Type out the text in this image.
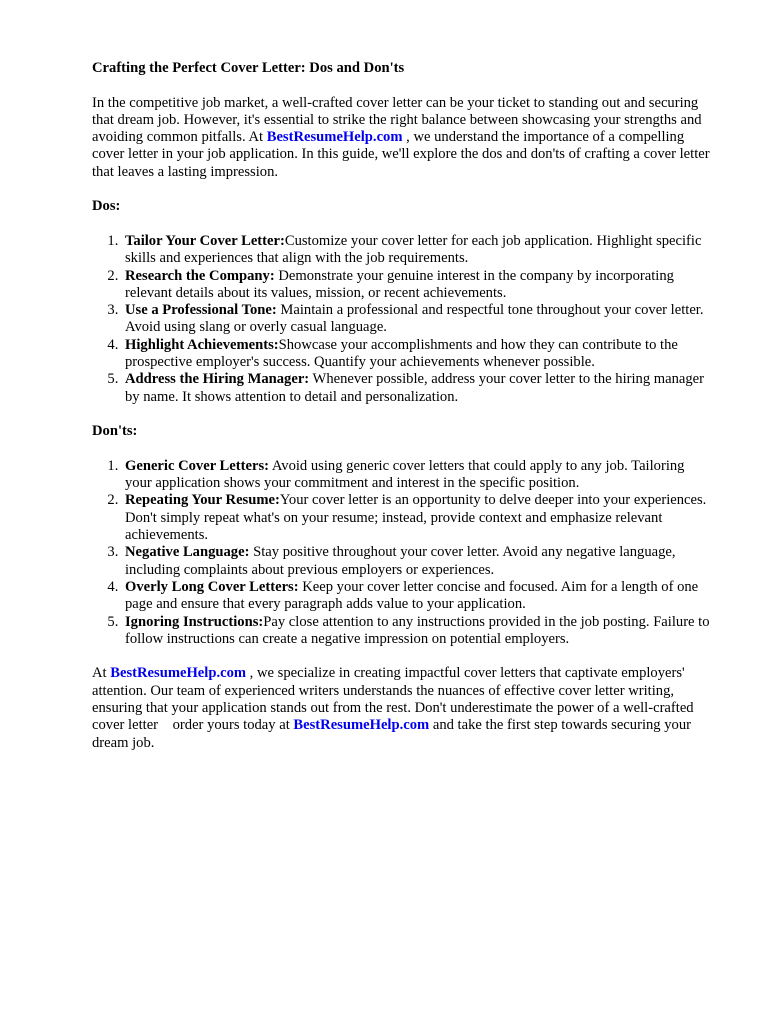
Crafting the Perfect Cover Letter: Dos and Don'ts

In the competitive job market, a well-crafted cover letter can be your ticket to standing out and securing that dream job. However, it's essential to strike the right balance between showcasing your strengths and avoiding common pitfalls. At BestResumeHelp.com , we understand the importance of a compelling cover letter in your job application. In this guide, we'll explore the dos and don'ts of crafting a cover letter that leaves a lasting impression.

Dos:

1. Tailor Your Cover Letter:Customize your cover letter for each job application. Highlight specific skills and experiences that align with the job requirements.
2. Research the Company: Demonstrate your genuine interest in the company by incorporating relevant details about its values, mission, or recent achievements.
3. Use a Professional Tone: Maintain a professional and respectful tone throughout your cover letter. Avoid using slang or overly casual language.
4. Highlight Achievements:Showcase your accomplishments and how they can contribute to the prospective employer's success. Quantify your achievements whenever possible.
5. Address the Hiring Manager: Whenever possible, address your cover letter to the hiring manager by name. It shows attention to detail and personalization.

Don'ts:

1. Generic Cover Letters: Avoid using generic cover letters that could apply to any job. Tailoring your application shows your commitment and interest in the specific position.
2. Repeating Your Resume:Your cover letter is an opportunity to delve deeper into your experiences. Don't simply repeat what's on your resume; instead, provide context and emphasize relevant achievements.
3. Negative Language: Stay positive throughout your cover letter. Avoid any negative language, including complaints about previous employers or experiences.
4. Overly Long Cover Letters: Keep your cover letter concise and focused. Aim for a length of one page and ensure that every paragraph adds value to your application.
5. Ignoring Instructions:Pay close attention to any instructions provided in the job posting. Failure to follow instructions can create a negative impression on potential employers.

At BestResumeHelp.com , we specialize in creating impactful cover letters that captivate employers' attention. Our team of experienced writers understands the nuances of effective cover letter writing, ensuring that your application stands out from the rest. Don't underestimate the power of a well-crafted cover letter    order yours today at BestResumeHelp.com and take the first step towards securing your dream job.
